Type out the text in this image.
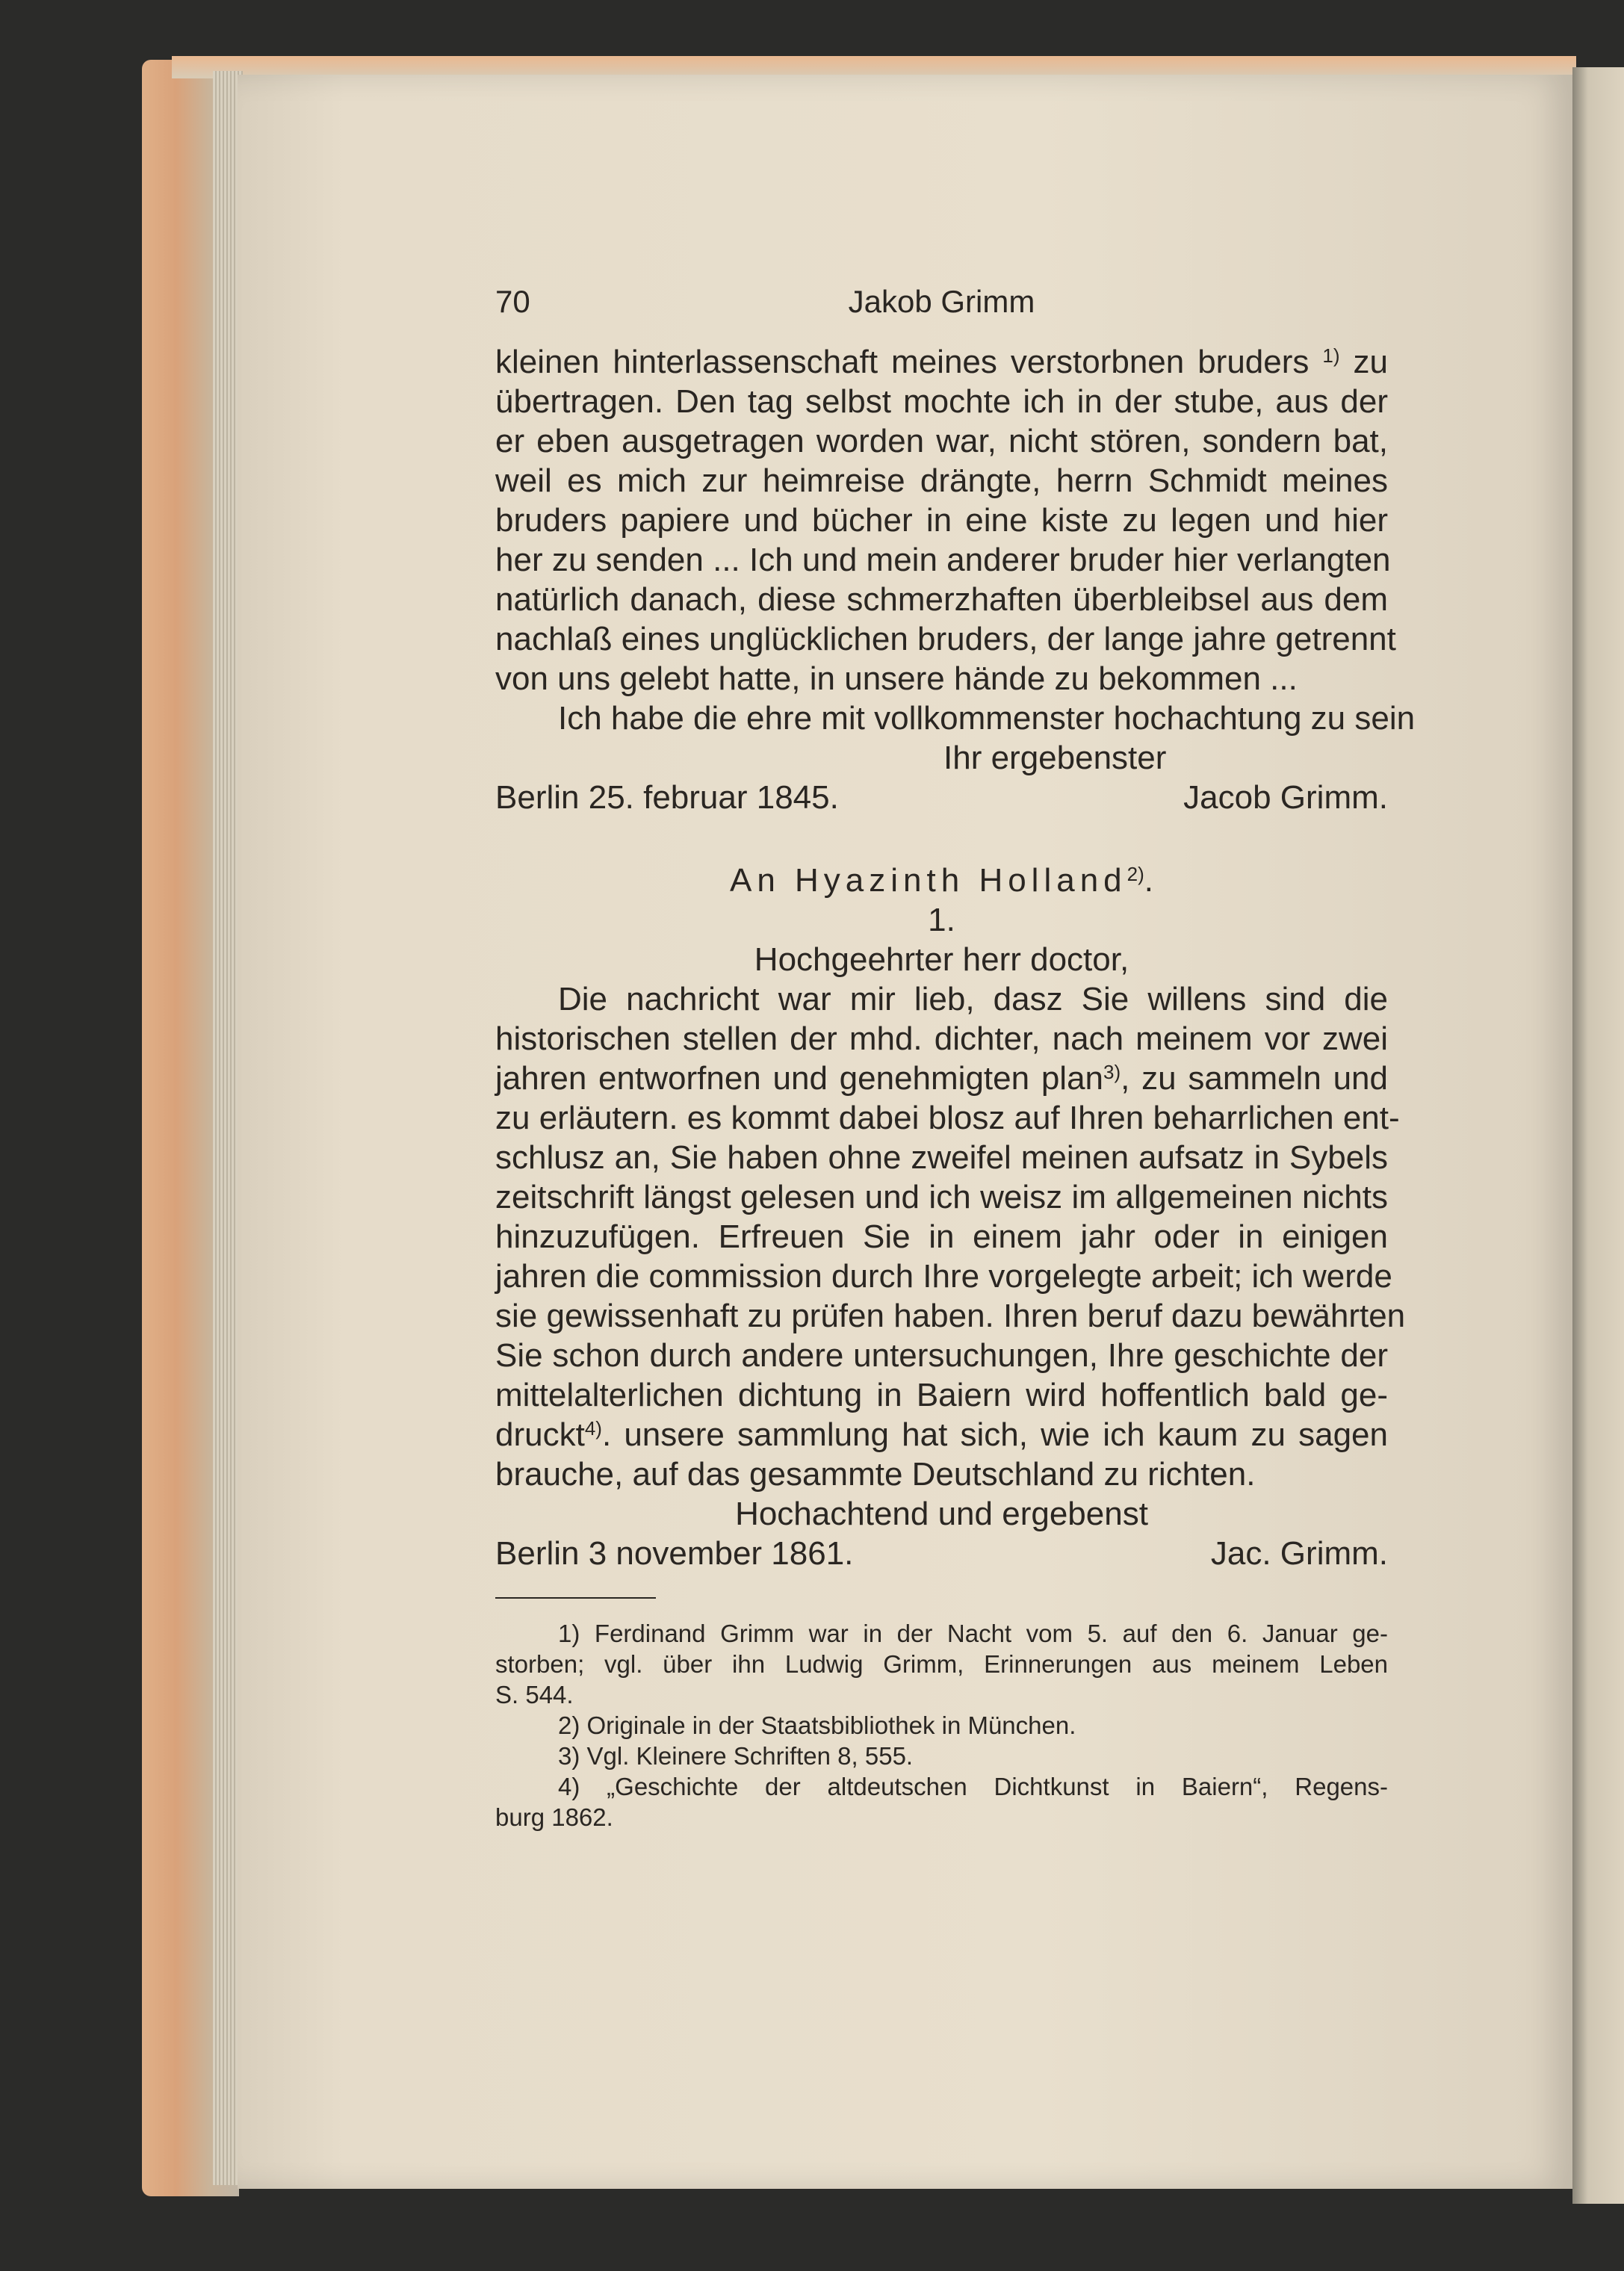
Jakob Grimm
70
kleinen hinterlassenschaft meines verstorbnen bruders $^{1)}$ zu
übertragen. Den tag selbst mochte ich in der stube, aus der
er eben ausgetragen worden war, nicht stören, sondern bat,
weil es mich zur heimreise drängte, herrn Schmidt meines
bruders papiere und bücher in eine kiste zu legen und hier
her zu senden ... Ich und mein anderer bruder hier verlangten
natürlich danach, diese schmerzhaften überbleibsel aus dem
nachlaß eines unglücklichen bruders, der lange jahre getrennt
von uns gelebt hatte, in unsere hände zu bekommen ...
Ich habe die ehre mit vollkommenster hochachtung zu sein
Ihr ergebenster
Berlin 25. februar 1845.	Jacob Grimm.
An Hyazinth Holland$^{2)}$.
1.
Hochgeehrter herr doctor,
Die nachricht war mir lieb, dasz Sie willens sind die
historischen stellen der mhd. dichter, nach meinem vor zwei
jahren entworfnen und genehmigten plan$^{3)}$, zu sammeln und
zu erläutern. es kommt dabei blosz auf Ihren beharrlichen ent-
schlusz an, Sie haben ohne zweifel meinen aufsatz in Sybels
zeitschrift längst gelesen und ich weisz im allgemeinen nichts
hinzuzufügen. Erfreuen Sie in einem jahr oder in einigen
jahren die commission durch Ihre vorgelegte arbeit; ich werde
sie gewissenhaft zu prüfen haben. Ihren beruf dazu bewährten
Sie schon durch andere untersuchungen, Ihre geschichte der
mittelalterlichen dichtung in Baiern wird hoffentlich bald ge-
druckt$^{4)}$. unsere sammlung hat sich, wie ich kaum zu sagen
brauche, auf das gesammte Deutschland zu richten.
Hochachtend und ergebenst
Berlin 3 november 1861.	Jac. Grimm.
1) Ferdinand Grimm war in der Nacht vom 5. auf den 6. Januar ge-
storben; vgl. über ihn Ludwig Grimm, Erinnerungen aus meinem Leben
S. 544.
2) Originale in der Staatsbibliothek in München.
3) Vgl. Kleinere Schriften 8, 555.
4) „Geschichte der altdeutschen Dichtkunst in Baiern“, Regens-
burg 1862.
